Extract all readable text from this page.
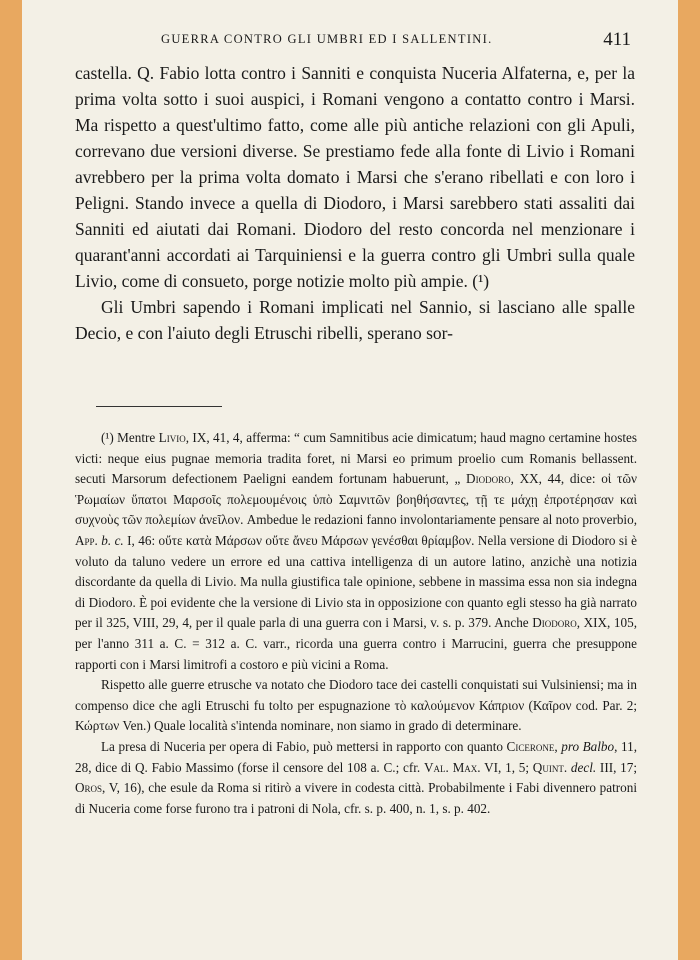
GUERRA CONTRO GLI UMBRI ED I SALLENTINI.	411

castella. Q. Fabio lotta contro i Sanniti e conquista Nuceria Alfaterna, e, per la prima volta sotto i suoi auspici, i Romani vengono a contatto contro i Marsi. Ma rispetto a quest'ultimo fatto, come alle più antiche relazioni con gli Apuli, correvano due versioni diverse. Se prestiamo fede alla fonte di Livio i Romani avrebbero per la prima volta domato i Marsi che s'erano ribellati e con loro i Peligni. Stando invece a quella di Diodoro, i Marsi sarebbero stati assaliti dai Sanniti ed aiutati dai Romani. Diodoro del resto concorda nel menzionare i quarant'anni accordati ai Tarquiniensi e la guerra contro gli Umbri sulla quale Livio, come di consueto, porge notizie molto più ampie. (¹)

Gli Umbri sapendo i Romani implicati nel Sannio, si lasciano alle spalle Decio, e con l'aiuto degli Etruschi ribelli, sperano sor-

(¹) Mentre Livio, IX, 41, 4, afferma: “ cum Samnitibus acie dimicatum; haud magno certamine hostes victi: neque eius pugnae memoria tradita foret, ni Marsi eo primum proelio cum Romanis bellassent. secuti Marsorum defectionem Paeligni eandem fortunam habuerunt, „ Diodoro, XX, 44, dice: οἱ τῶν Ῥωμαίων ὕπατοι Μαρσοῖς πολεμουμένοις ὑπὸ Σαμνιτῶν βοηθήσαντες, τῇ τε μάχῃ ἐπροτέρησαν καὶ συχνοὺς τῶν πολεμίων ἀνεῖλον. Ambedue le redazioni fanno involontariamente pensare al noto proverbio, App. b. c. I, 46: οὔτε κατὰ Μάρσων οὔτε ἄνευ Μάρσων γενέσθαι θρίαμβον. Nella versione di Diodoro si è voluto da taluno vedere un errore ed una cattiva intelligenza di un autore latino, anzichè una notizia discordante da quella di Livio. Ma nulla giustifica tale opinione, sebbene in massima essa non sia indegna di Diodoro. È poi evidente che la versione di Livio sta in opposizione con quanto egli stesso ha già narrato per il 325, VIII, 29, 4, per il quale parla di una guerra con i Marsi, v. s. p. 379. Anche Diodoro, XIX, 105, per l'anno 311 a. C. = 312 a. C. varr., ricorda una guerra contro i Marrucini, guerra che presuppone rapporti con i Marsi limitrofi a costoro e più vicini a Roma.

Rispetto alle guerre etrusche va notato che Diodoro tace dei castelli conquistati sui Vulsiniensi; ma in compenso dice che agli Etruschi fu tolto per espugnazione τὸ καλούμενον Κάπριον (Καῖρον cod. Par. 2; Κώρτων Ven.) Quale località s'intenda nominare, non siamo in grado di determinare.

La presa di Nuceria per opera di Fabio, può mettersi in rapporto con quanto Cicerone, pro Balbo, 11, 28, dice di Q. Fabio Massimo (forse il censore del 108 a. C.; cfr. Val. Max. VI, 1, 5; Quint. decl. III, 17; Oros, V, 16), che esule da Roma si ritirò a vivere in codesta città. Probabilmente i Fabi divennero patroni di Nuceria come forse furono tra i patroni di Nola, cfr. s. p. 400, n. 1, s. p. 402.
